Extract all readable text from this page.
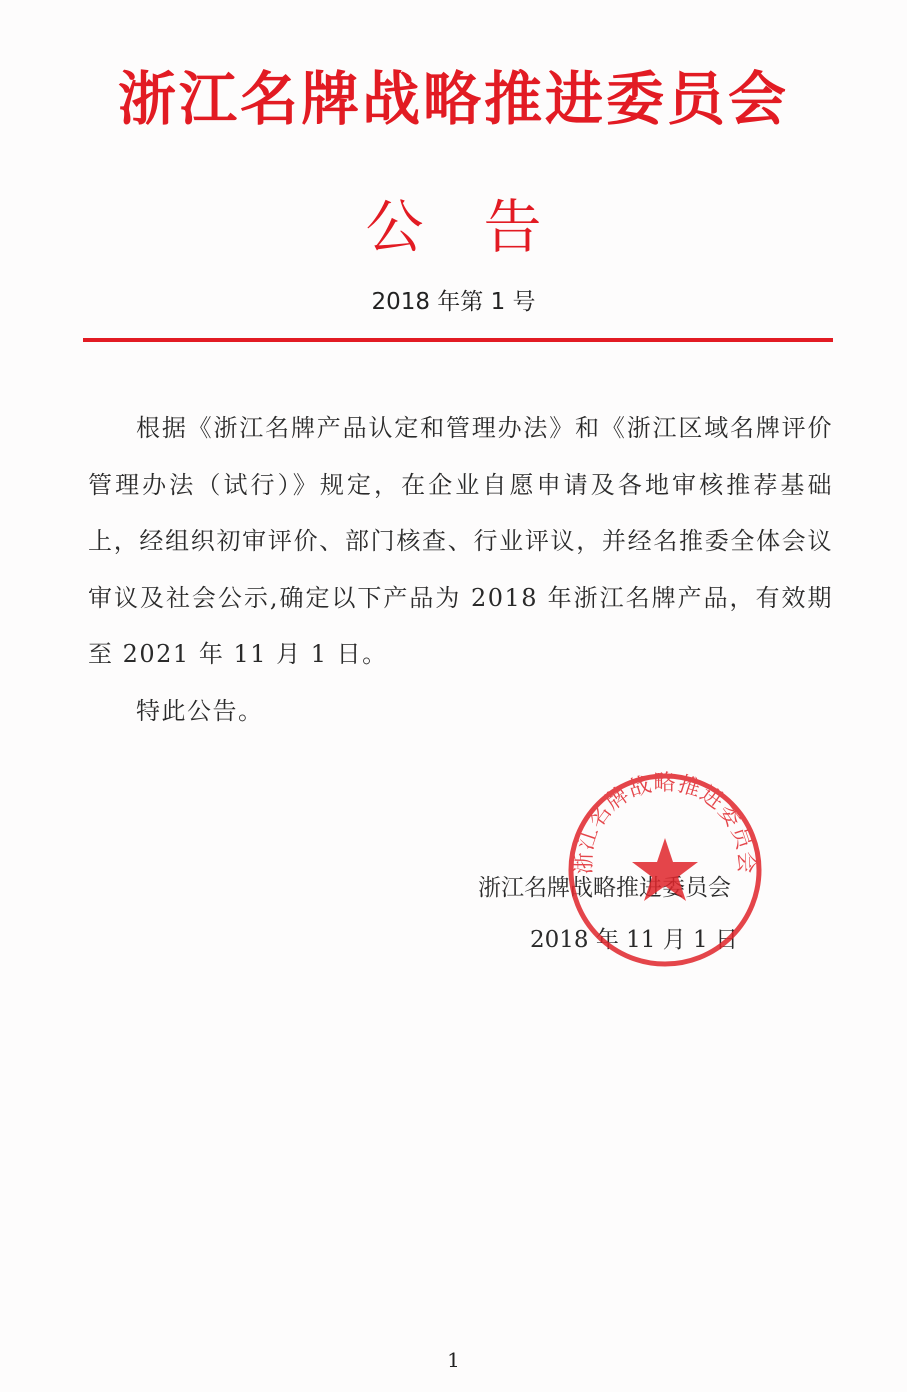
浙江名牌战略推进委员会
公告
2018 年第 1 号

根据《浙江名牌产品认定和管理办法》和《浙江区域名牌评价管理办法（试行）》规定，在企业自愿申请及各地审核推荐基础上，经组织初审评价、部门核查、行业评议，并经名推委全体会议审议及社会公示,确定以下产品为 2018 年浙江名牌产品，有效期至 2021 年 11 月 1 日。

特此公告。

浙江名牌战略推进委员会
2018 年 11 月 1 日
浙江名牌战略推进委员会
1
